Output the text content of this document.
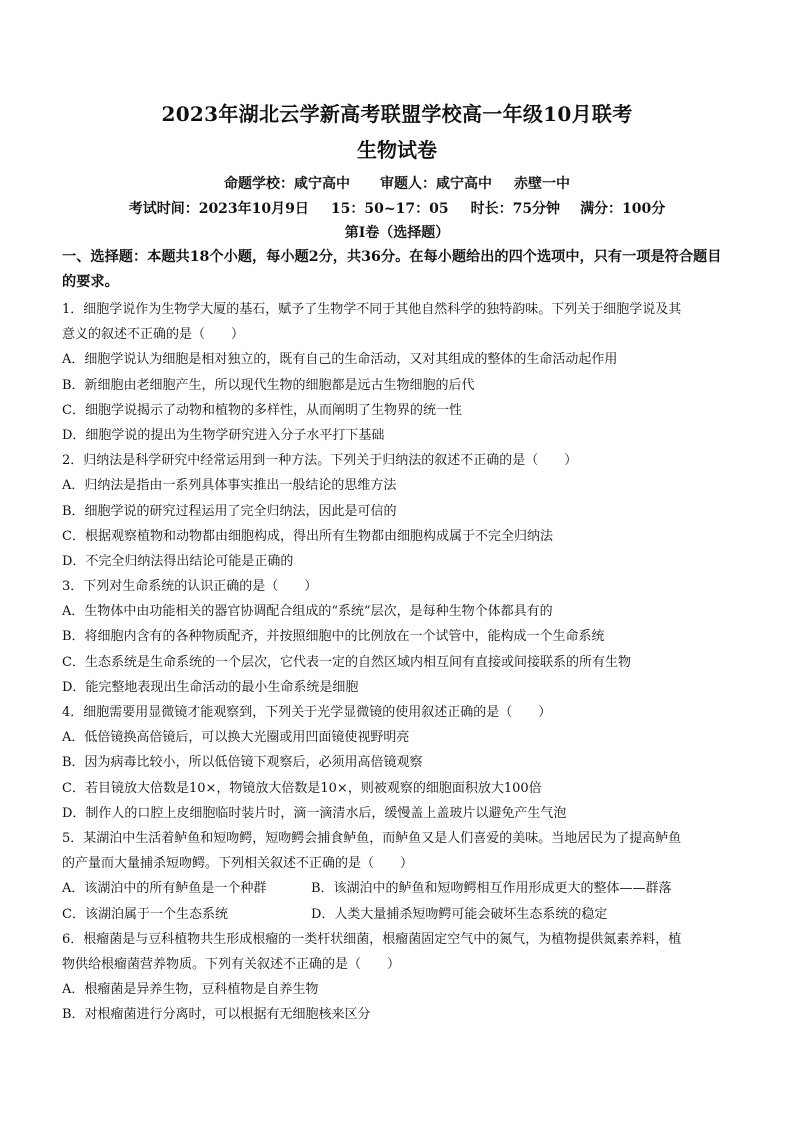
2023年湖北云学新高考联盟学校高一年级10月联考
生物试卷
命题学校：咸宁高中 审题人：咸宁高中 赤壁一中
考试时间：2023年10月9日 15：50~17：05 时长：75分钟 满分：100分
第Ⅰ卷（选择题）
一、选择题：本题共18个小题，每小题2分，共36分。在每小题给出的四个选项中，只有一项是符合题目的要求。
1．细胞学说作为生物学大厦的基石，赋予了生物学不同于其他自然科学的独特韵味。下列关于细胞学说及其
意义的叙述不正确的是（　　）
A．细胞学说认为细胞是相对独立的，既有自己的生命活动，又对其组成的整体的生命活动起作用
B．新细胞由老细胞产生，所以现代生物的细胞都是远古生物细胞的后代
C．细胞学说揭示了动物和植物的多样性，从而阐明了生物界的统一性
D．细胞学说的提出为生物学研究进入分子水平打下基础
2．归纳法是科学研究中经常运用到一种方法。下列关于归纳法的叙述不正确的是（　　）
A．归纳法是指由一系列具体事实推出一般结论的思维方法
B．细胞学说的研究过程运用了完全归纳法，因此是可信的
C．根据观察植物和动物都由细胞构成，得出所有生物都由细胞构成属于不完全归纳法
D．不完全归纳法得出结论可能是正确的
3．下列对生命系统的认识正确的是（　　）
A．生物体中由功能相关的器官协调配合组成的“系统”层次，是每种生物个体都具有的
B．将细胞内含有的各种物质配齐，并按照细胞中的比例放在一个试管中，能构成一个生命系统
C．生态系统是生命系统的一个层次，它代表一定的自然区域内相互间有直接或间接联系的所有生物
D．能完整地表现出生命活动的最小生命系统是细胞
4．细胞需要用显微镜才能观察到，下列关于光学显微镜的使用叙述正确的是（　　）
A．低倍镜换高倍镜后，可以换大光圈或用凹面镜使视野明亮
B．因为病毒比较小，所以低倍镜下观察后，必须用高倍镜观察
C．若目镜放大倍数是10×，物镜放大倍数是10×，则被观察的细胞面积放大100倍
D．制作人的口腔上皮细胞临时装片时，滴一滴清水后，缓慢盖上盖玻片以避免产生气泡
5．某湖泊中生活着鲈鱼和短吻鳄，短吻鳄会捕食鲈鱼，而鲈鱼又是人们喜爱的美味。当地居民为了提高鲈鱼
的产量而大量捕杀短吻鳄。下列相关叙述不正确的是（　　）
A．该湖泊中的所有鲈鱼是一个种群	B．该湖泊中的鲈鱼和短吻鳄相互作用形成更大的整体——群落
C．该湖泊属于一个生态系统	D．人类大量捕杀短吻鳄可能会破坏生态系统的稳定
6．根瘤菌是与豆科植物共生形成根瘤的一类杆状细菌，根瘤菌固定空气中的氮气，为植物提供氮素养料，植
物供给根瘤菌营养物质。下列有关叙述不正确的是（　　）
A．根瘤菌是异养生物，豆科植物是自养生物
B．对根瘤菌进行分离时，可以根据有无细胞核来区分
